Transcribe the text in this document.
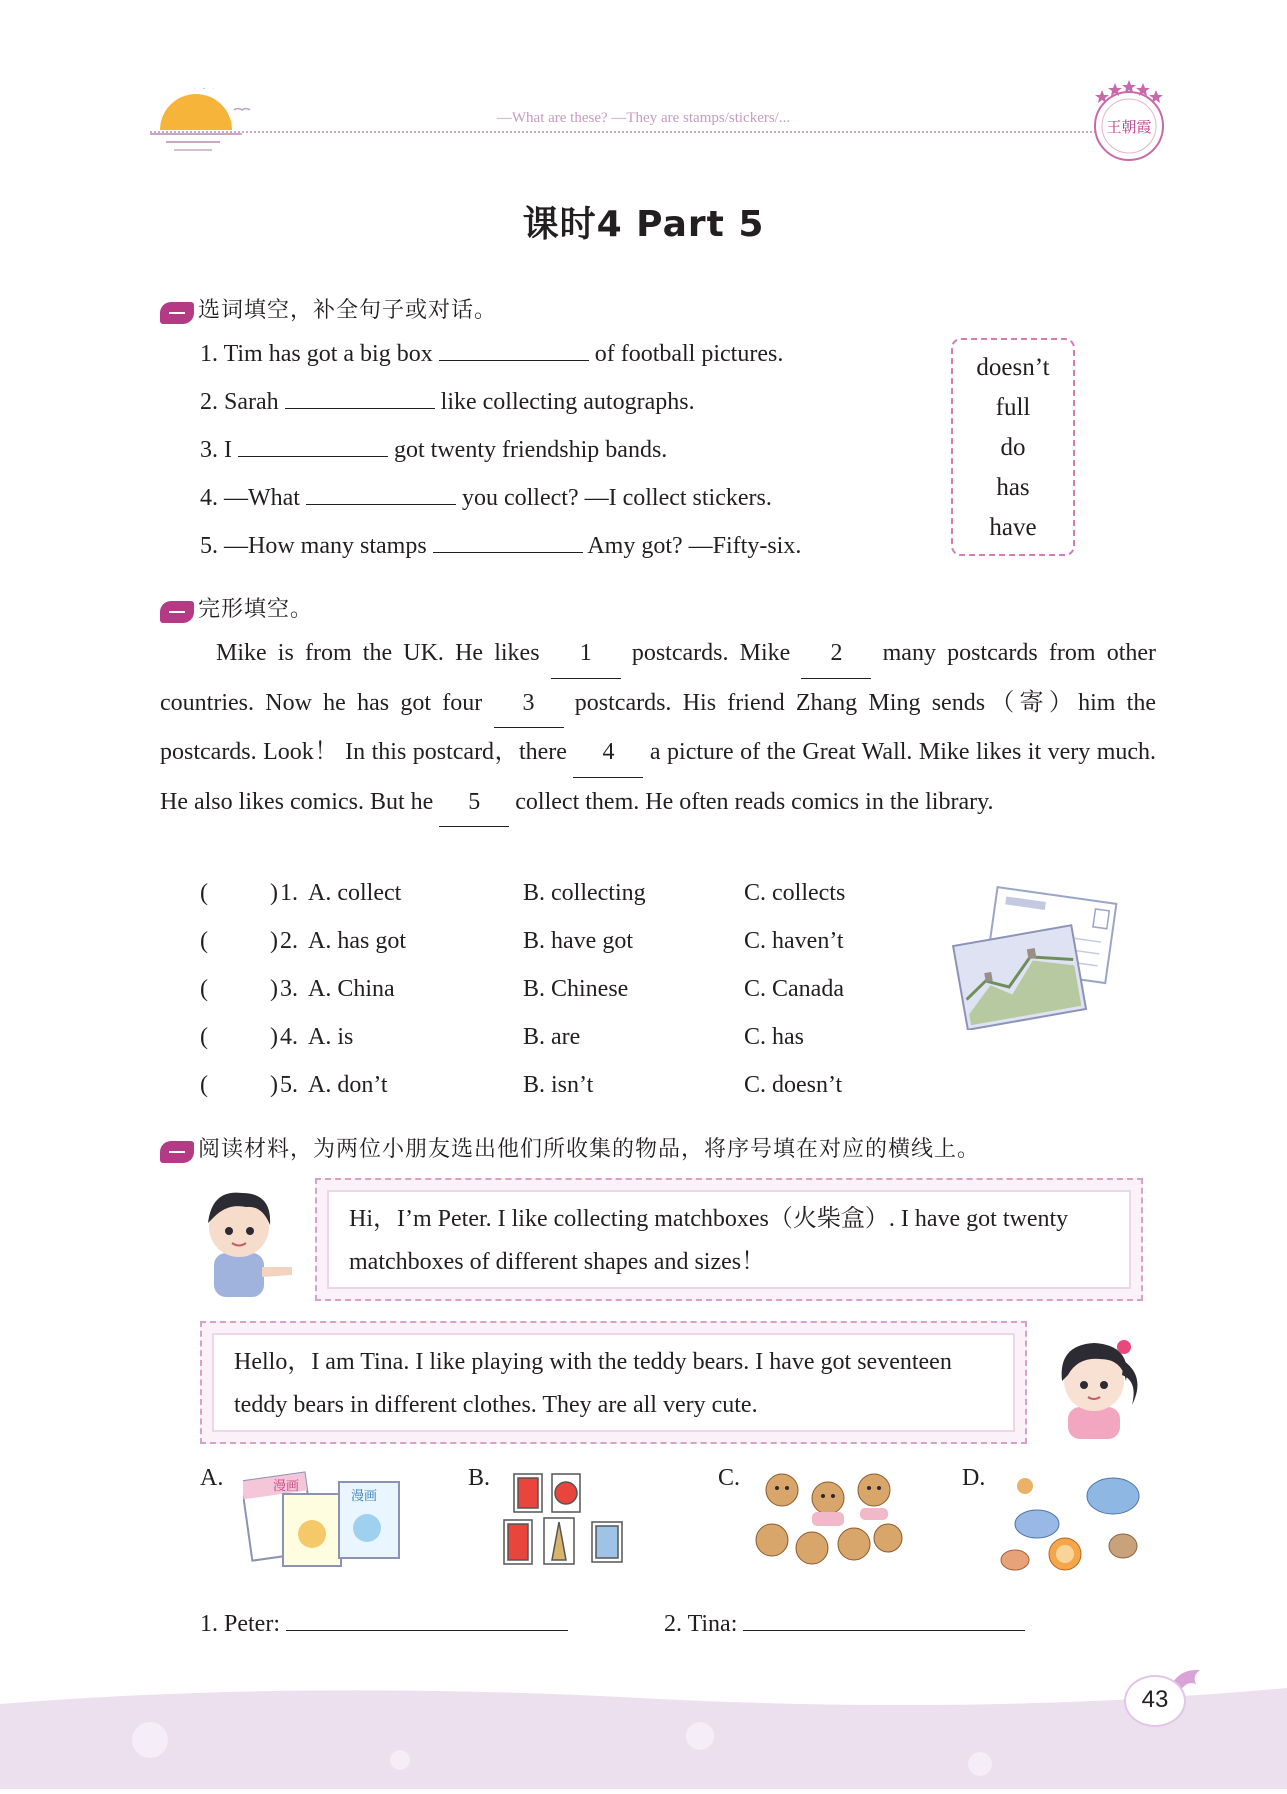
—What are these? —They are stamps/stickers/...	王朝霞
课时4 Part 5
选词填空，补全句子或对话。
1. Tim has got a big box	of football pictures.
2. Sarah	like collecting autographs.
3. I	got twenty friendship bands.
4. —What	you collect? —I collect stickers.
5. —How many stamps	Amy got? —Fifty-six.
doesn’t
full
do
has
have
完形填空。
Mike is from the UK. He likes 1 postcards. Mike 2 many postcards from other countries. Now he has got four 3 postcards. His friend Zhang Ming sends（寄）him the postcards. Look！ In this postcard，there 4 a picture of the Great Wall. Mike likes it very much. He also likes comics. But he 5 collect them. He often reads comics in the library.
(	) 1 . A. collect	B. collecting	C. collects
(	) 2 . A. has got	B. have got	C. haven’t
(	) 3 . A. China	B. Chinese	C. Canada
(	) 4 . A. is	B. are	C. has
(	) 5 . A. don’t	B. isn’t	C. doesn’t
阅读材料，为两位小朋友选出他们所收集的物品，将序号填在对应的横线上。
Hi，I’m Peter. I like collecting matchboxes（火柴盒）. I have got twenty matchboxes of different shapes and sizes！
Hello，I am Tina. I like playing with the teddy bears. I have got seventeen teddy bears in different clothes. They are all very cute.
A.	漫画
漫画
B.	C.	D.
1. Peter:	2. Tina:
43
